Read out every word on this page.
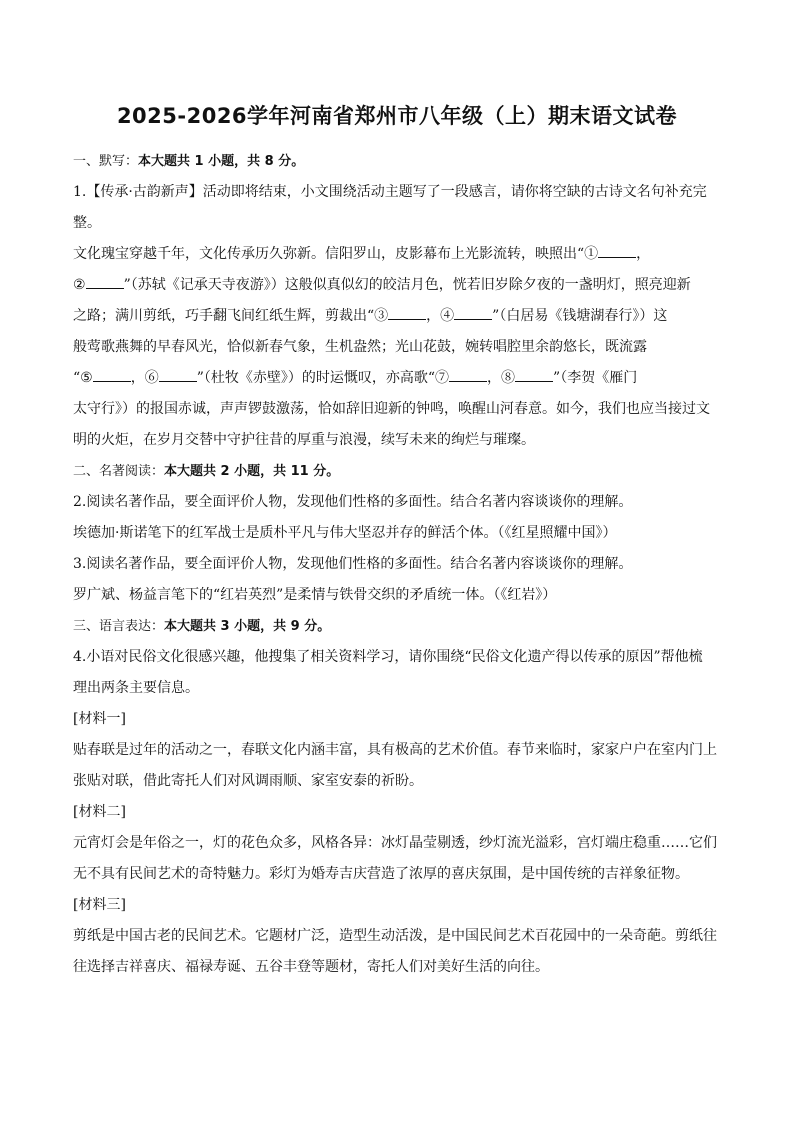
2025-2026学年河南省郑州市八年级（上）期末语文试卷
一、默写：本大题共 1 小题，共 8 分。
1.【传承·古韵新声】活动即将结束，小文围绕活动主题写了一段感言，请你将空缺的古诗文名句补充完
整。
文化瑰宝穿越千年，文化传承历久弥新。信阳罗山，皮影幕布上光影流转，映照出“①	，
②	”（苏轼《记承天寺夜游》）这般似真似幻的皎洁月色，恍若旧岁除夕夜的一盏明灯，照亮迎新
之路；满川剪纸，巧手翻飞间红纸生辉，剪裁出“③	，④	”（白居易《钱塘湖春行》）这
般莺歌燕舞的早春风光，恰似新春气象，生机盎然；光山花鼓，婉转唱腔里余韵悠长，既流露
“⑤	，⑥	”（杜牧《赤壁》）的时运慨叹，亦高歌“⑦	，⑧	”（李贺《雁门
太守行》）的报国赤诚，声声锣鼓激荡，恰如辞旧迎新的钟鸣，唤醒山河春意。如今，我们也应当接过文
明的火炬，在岁月交替中守护往昔的厚重与浪漫，续写未来的绚烂与璀璨。
二、名著阅读：本大题共 2 小题，共 11 分。
2.阅读名著作品，要全面评价人物，发现他们性格的多面性。结合名著内容谈谈你的理解。
埃德加·斯诺笔下的红军战士是质朴平凡与伟大坚忍并存的鲜活个体。（《红星照耀中国》）
3.阅读名著作品，要全面评价人物，发现他们性格的多面性。结合名著内容谈谈你的理解。
罗广斌、杨益言笔下的“红岩英烈”是柔情与铁骨交织的矛盾统一体。（《红岩》）
三、语言表达：本大题共 3 小题，共 9 分。
4.小语对民俗文化很感兴趣，他搜集了相关资料学习，请你围绕“民俗文化遗产得以传承的原因”帮他梳
理出两条主要信息。
[材料一]
贴春联是过年的活动之一，春联文化内涵丰富，具有极高的艺术价值。春节来临时，家家户户在室内门上
张贴对联，借此寄托人们对风调雨顺、家室安泰的祈盼。
[材料二]
元宵灯会是年俗之一，灯的花色众多，风格各异：冰灯晶莹剔透，纱灯流光溢彩，宫灯端庄稳重……它们
无不具有民间艺术的奇特魅力。彩灯为婚寿吉庆营造了浓厚的喜庆氛围，是中国传统的吉祥象征物。
[材料三]
剪纸是中国古老的民间艺术。它题材广泛，造型生动活泼，是中国民间艺术百花园中的一朵奇葩。剪纸往
往选择吉祥喜庆、福禄寿诞、五谷丰登等题材，寄托人们对美好生活的向往。
